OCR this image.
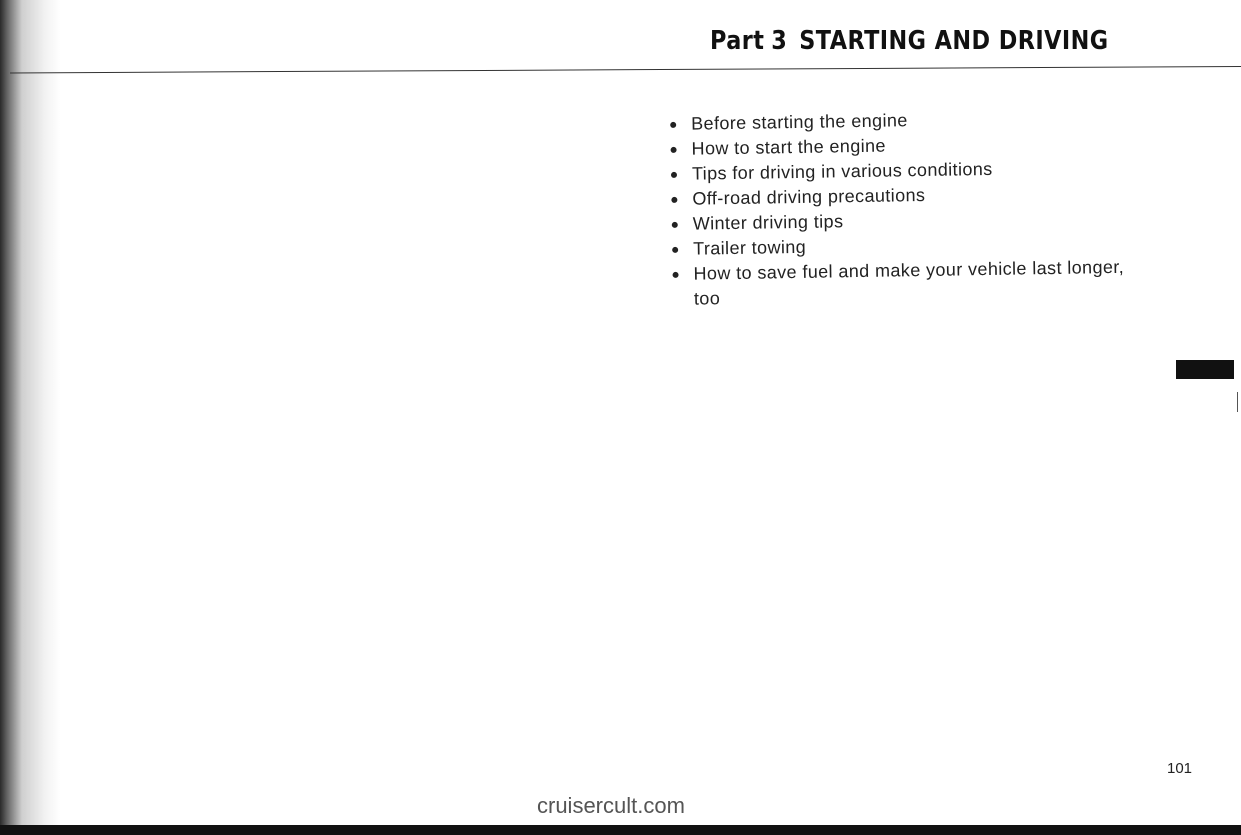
Part 3 STARTING AND DRIVING
Before starting the engine
How to start the engine
Tips for driving in various conditions
Off-road driving precautions
Winter driving tips
Trailer towing
How to save fuel and make your vehicle last longer, too
101
cruisercult.com
